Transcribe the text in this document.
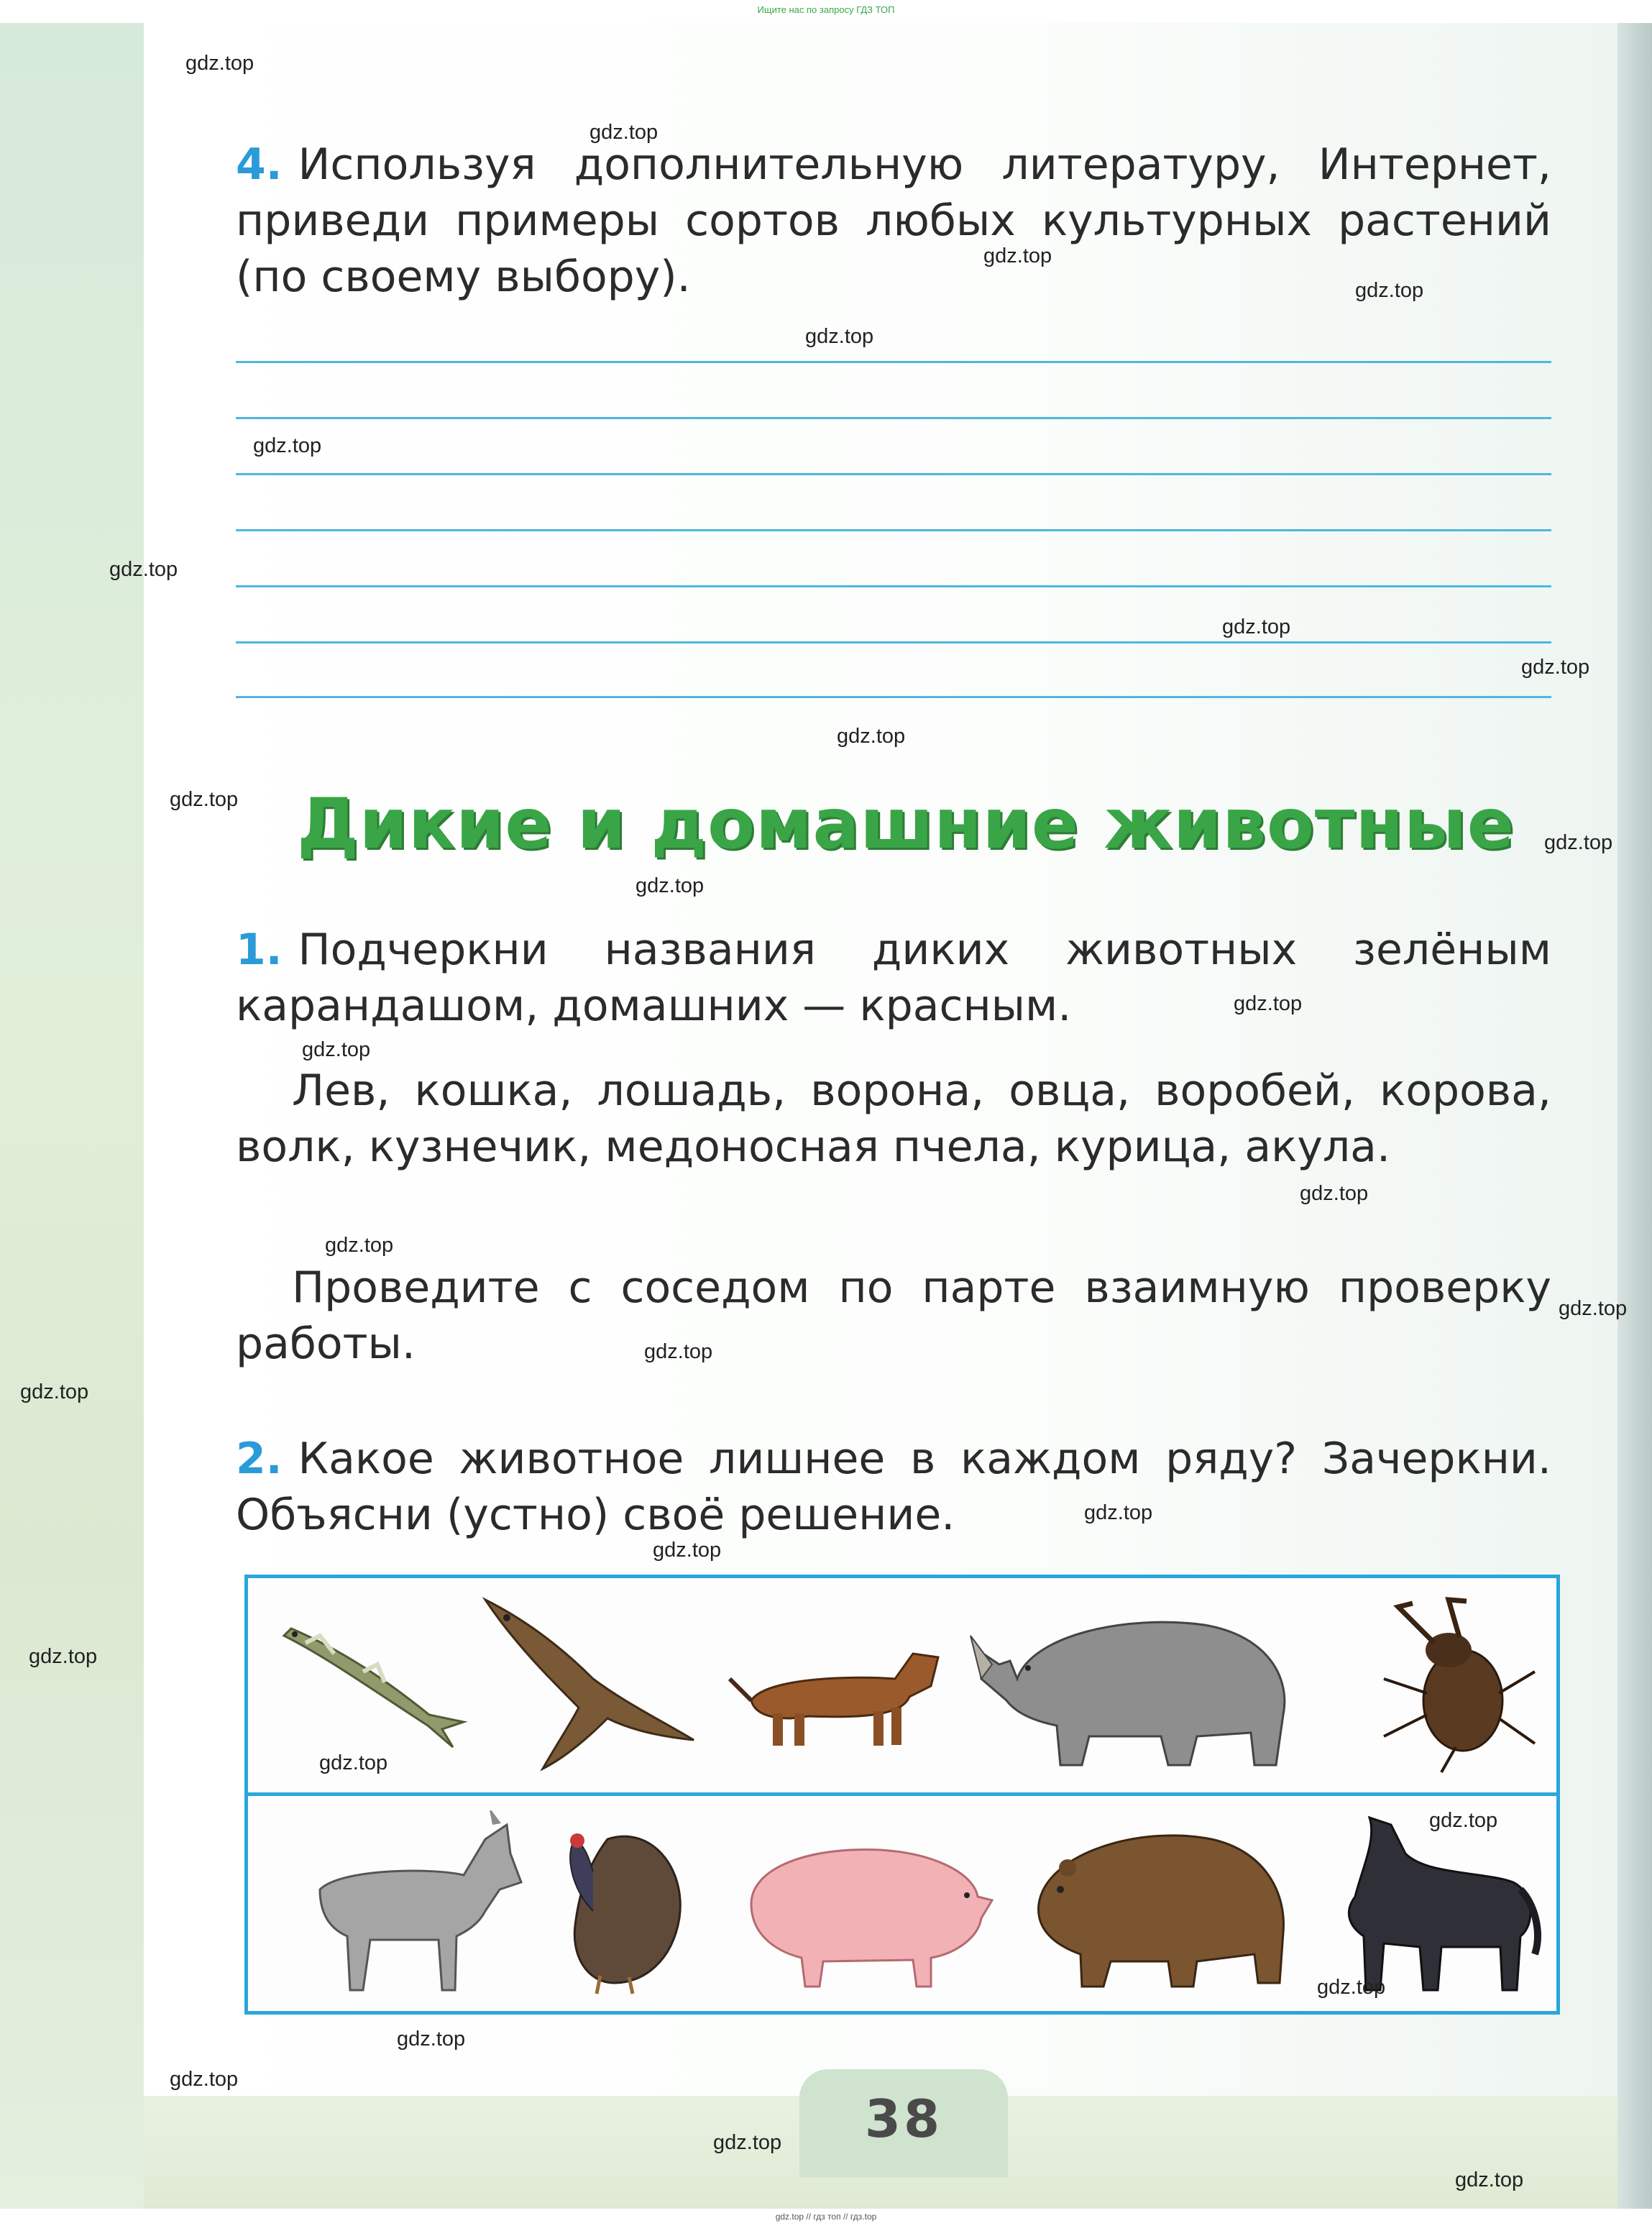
Ищите нас по запросу ГДЗ ТОП

4. Используя дополнительную литературу, Интернет, приведи примеры сортов любых культурных растений (по своему выбору).

Дикие и домашние животные

1. Подчеркни названия диких животных зелёным карандашом, домашних — красным.

Лев, кошка, лошадь, ворона, овца, воробей, корова, волк, кузнечик, медоносная пчела, курица, акула.

Проведите с соседом по парте взаимную проверку работы.

2. Какое животное лишнее в каждом ряду? Зачеркни. Объясни (устно) своё решение.

38
gdz.top
gdz.top
gdz.top
gdz.top
gdz.top
gdz.top
gdz.top
gdz.top
gdz.top
gdz.top
gdz.top
gdz.top
gdz.top
gdz.top
gdz.top
gdz.top
gdz.top
gdz.top
gdz.top
gdz.top
gdz.top
gdz.top
gdz.top
gdz.top
gdz.top
gdz.top
gdz.top
gdz.top
gdz.top
gdz.top
gdz.top // гдз топ // гдз.top
